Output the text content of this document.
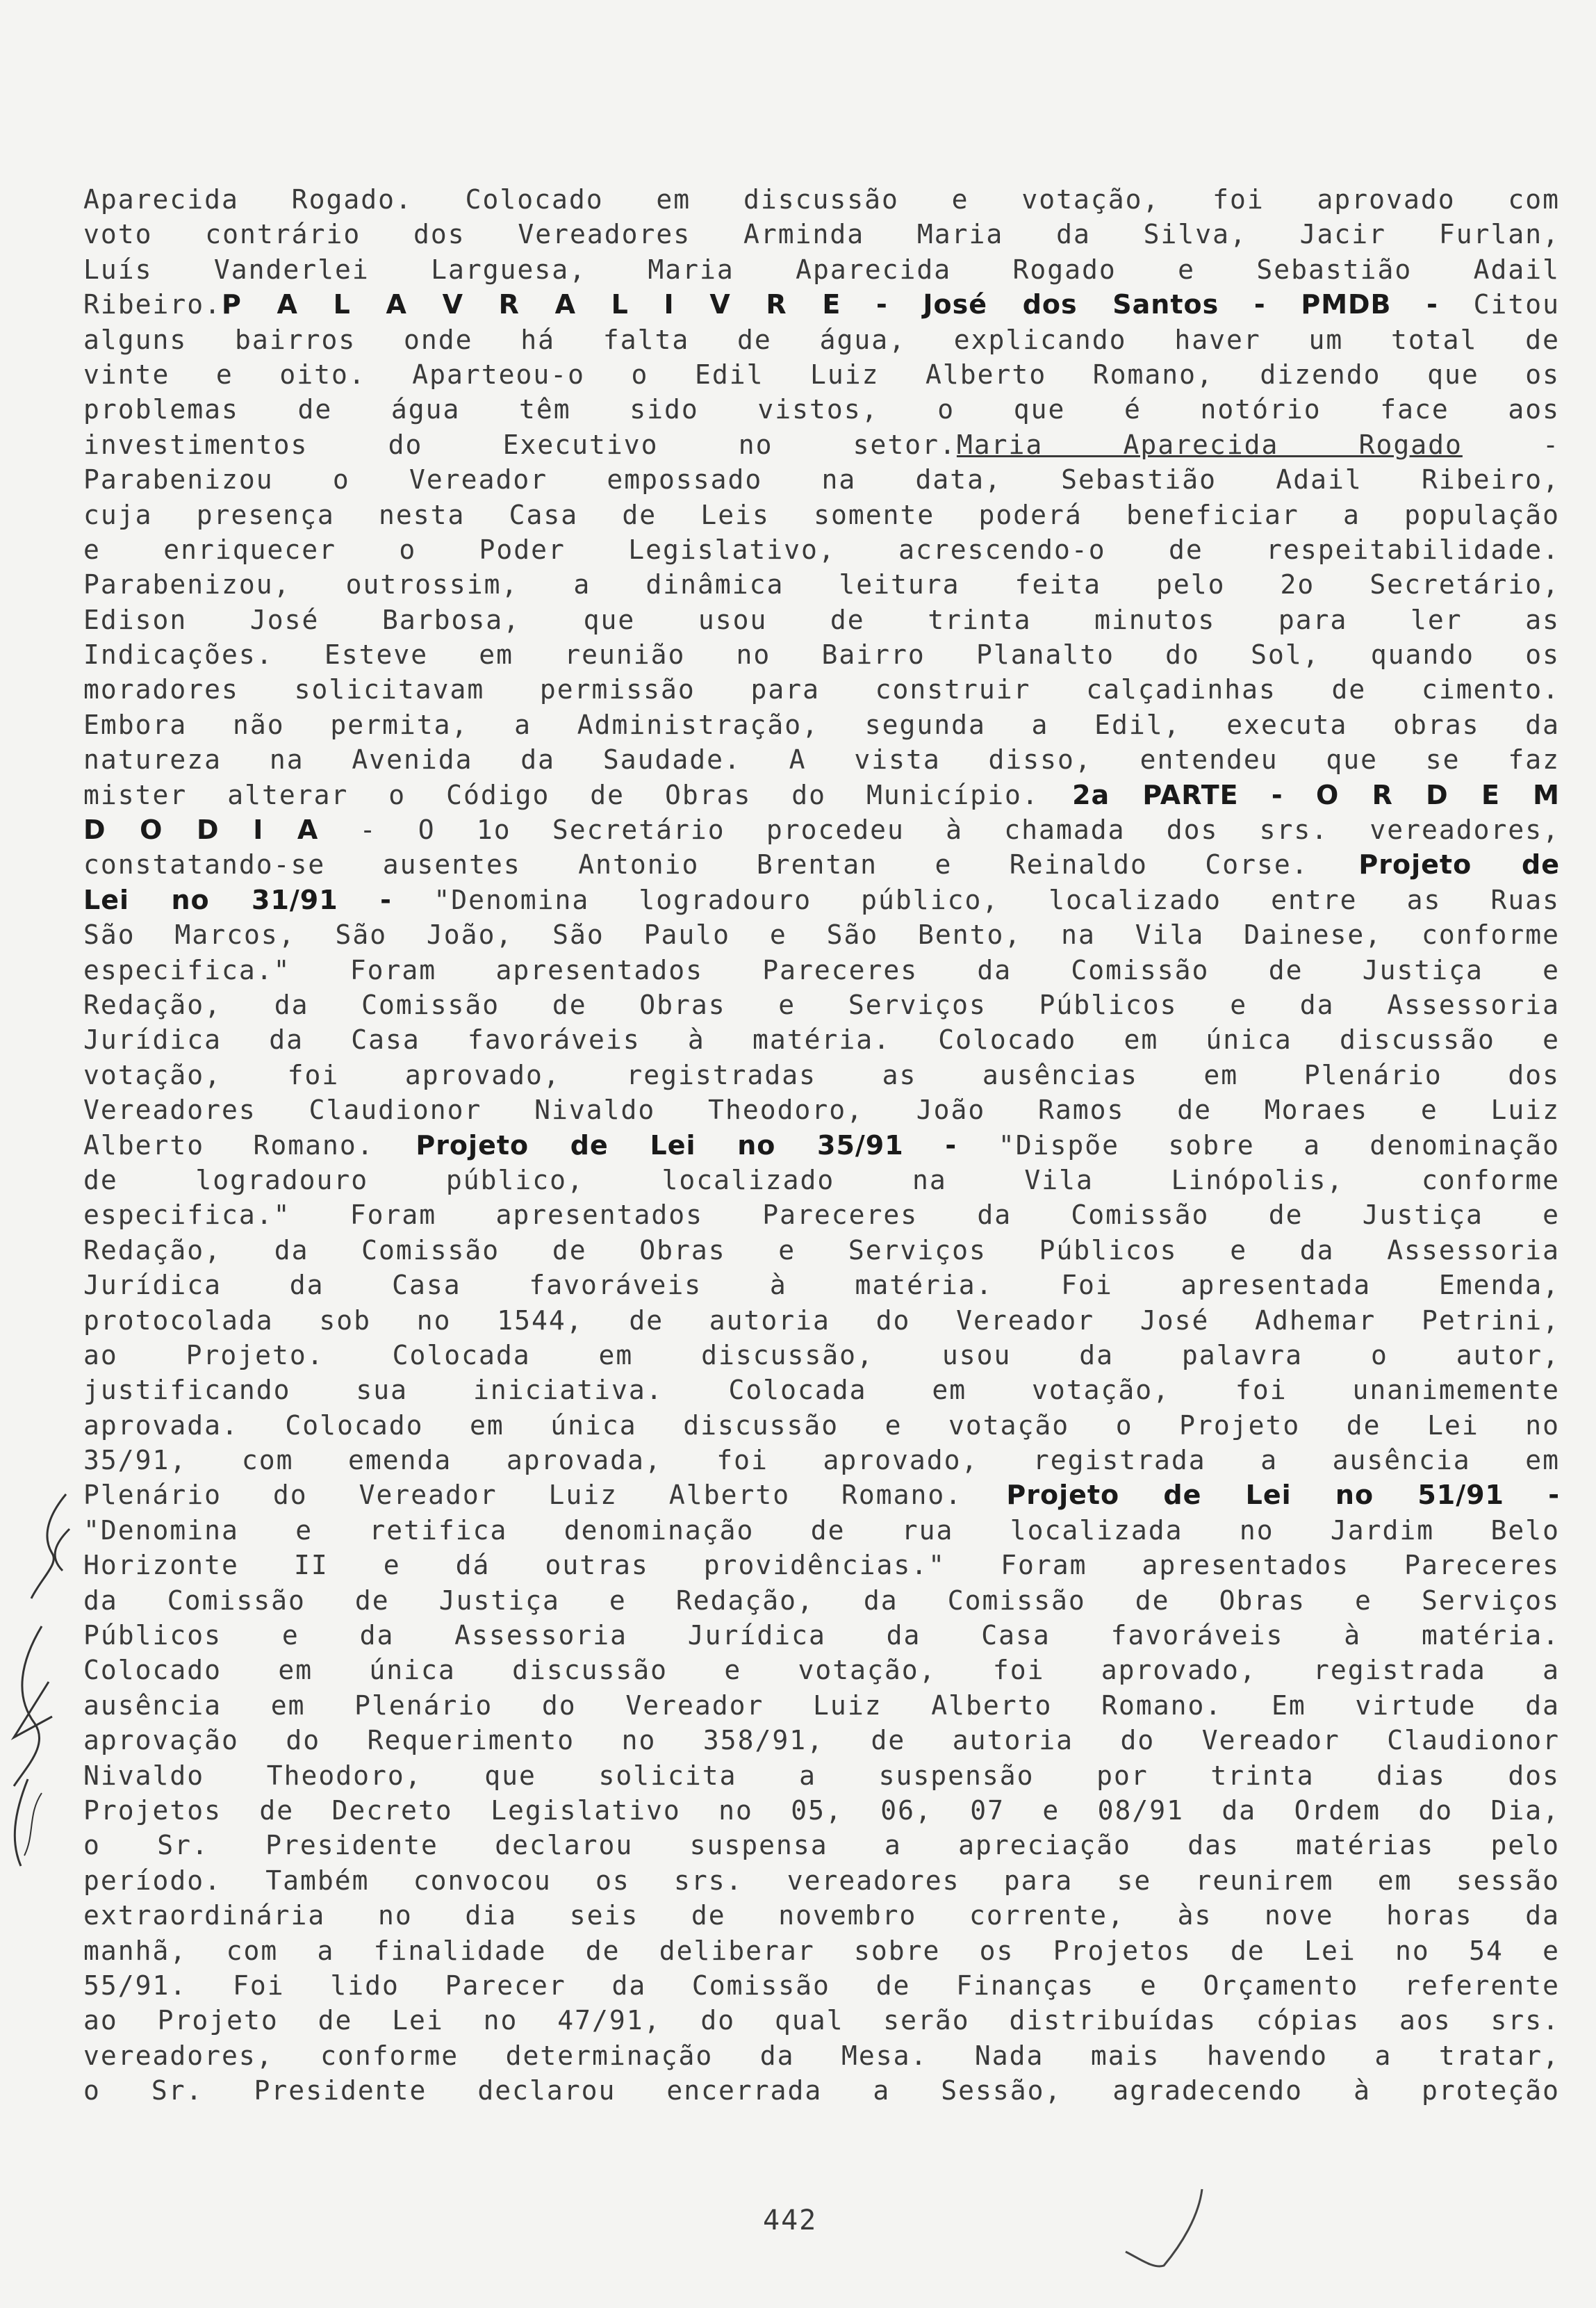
Aparecida Rogado. Colocado em discussão e votação, foi aprovado com
voto contrário dos Vereadores Arminda Maria da Silva, Jacir Furlan,
Luís Vanderlei Larguesa, Maria Aparecida Rogado e Sebastião Adail
Ribeiro.P A L A V R A L I V R E - José dos Santos - PMDB - Citou
alguns bairros onde há falta de água, explicando haver um total de
vinte e oito. Aparteou-o o Edil Luiz Alberto Romano, dizendo que os
problemas de água têm sido vistos, o que é notório face aos
investimentos do Executivo no setor.Maria Aparecida Rogado -
Parabenizou o Vereador empossado na data, Sebastião Adail Ribeiro,
cuja presença nesta Casa de Leis somente poderá beneficiar a população
e enriquecer o Poder Legislativo, acrescendo-o de respeitabilidade.
Parabenizou, outrossim, a dinâmica leitura feita pelo 2o Secretário,
Edison José Barbosa, que usou de trinta minutos para ler as
Indicações. Esteve em reunião no Bairro Planalto do Sol, quando os
moradores solicitavam permissão para construir calçadinhas de cimento.
Embora não permita, a Administração, segunda a Edil, executa obras da
natureza na Avenida da Saudade. A vista disso, entendeu que se faz
mister alterar o Código de Obras do Município. 2a PARTE - O R D E M
D O D I A - O 1o Secretário procedeu à chamada dos srs. vereadores,
constatando-se ausentes Antonio Brentan e Reinaldo Corse. Projeto de
Lei no 31/91 - "Denomina logradouro público, localizado entre as Ruas
São Marcos, São João, São Paulo e São Bento, na Vila Dainese, conforme
especifica." Foram apresentados Pareceres da Comissão de Justiça e
Redação, da Comissão de Obras e Serviços Públicos e da Assessoria
Jurídica da Casa favoráveis à matéria. Colocado em única discussão e
votação, foi aprovado, registradas as ausências em Plenário dos
Vereadores Claudionor Nivaldo Theodoro, João Ramos de Moraes e Luiz
Alberto Romano. Projeto de Lei no 35/91 - "Dispõe sobre a denominação
de logradouro público, localizado na Vila Linópolis, conforme
especifica." Foram apresentados Pareceres da Comissão de Justiça e
Redação, da Comissão de Obras e Serviços Públicos e da Assessoria
Jurídica da Casa favoráveis à matéria. Foi apresentada Emenda,
protocolada sob no 1544, de autoria do Vereador José Adhemar Petrini,
ao Projeto. Colocada em discussão, usou da palavra o autor,
justificando sua iniciativa. Colocada em votação, foi unanimemente
aprovada. Colocado em única discussão e votação o Projeto de Lei no
35/91, com emenda aprovada, foi aprovado, registrada a ausência em
Plenário do Vereador Luiz Alberto Romano. Projeto de Lei no 51/91 -
"Denomina e retifica denominação de rua localizada no Jardim Belo
Horizonte II e dá outras providências." Foram apresentados Pareceres
da Comissão de Justiça e Redação, da Comissão de Obras e Serviços
Públicos e da Assessoria Jurídica da Casa favoráveis à matéria.
Colocado em única discussão e votação, foi aprovado, registrada a
ausência em Plenário do Vereador Luiz Alberto Romano. Em virtude da
aprovação do Requerimento no 358/91, de autoria do Vereador Claudionor
Nivaldo Theodoro, que solicita a suspensão por trinta dias dos
Projetos de Decreto Legislativo no 05, 06, 07 e 08/91 da Ordem do Dia,
o Sr. Presidente declarou suspensa a apreciação das matérias pelo
período. Também convocou os srs. vereadores para se reunirem em sessão
extraordinária no dia seis de novembro corrente, às nove horas da
manhã, com a finalidade de deliberar sobre os Projetos de Lei no 54 e
55/91. Foi lido Parecer da Comissão de Finanças e Orçamento referente
ao Projeto de Lei no 47/91, do qual serão distribuídas cópias aos srs.
vereadores, conforme determinação da Mesa. Nada mais havendo a tratar,
o Sr. Presidente declarou encerrada a Sessão, agradecendo à proteção
442
